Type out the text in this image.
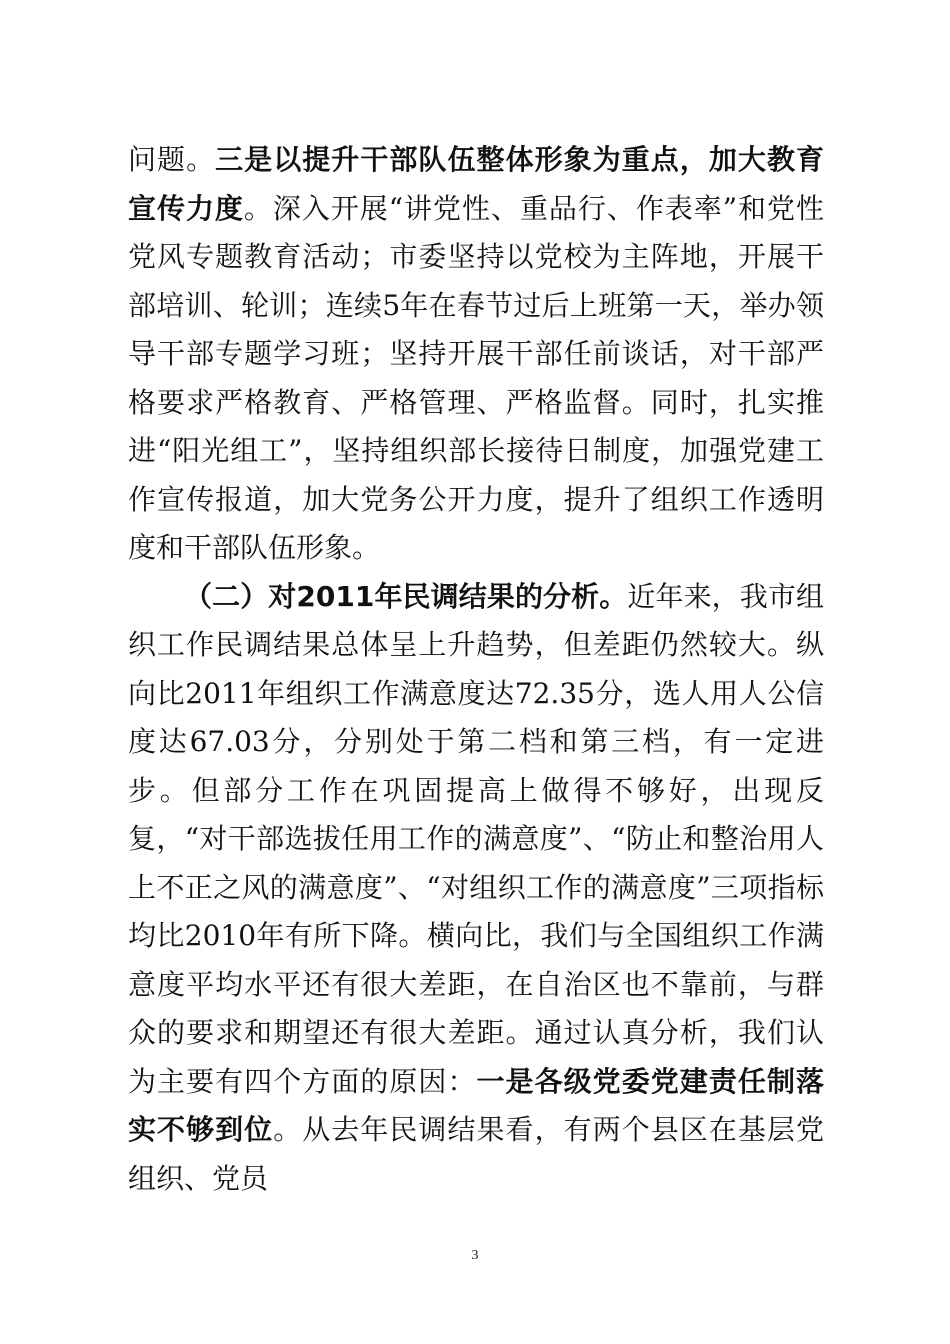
问题。三是以提升干部队伍整体形象为重点，加大教育宣传力度。深入开展“讲党性、重品行、作表率”和党性党风专题教育活动；市委坚持以党校为主阵地，开展干部培训、轮训；连续5年在春节过后上班第一天，举办领导干部专题学习班；坚持开展干部任前谈话，对干部严格要求严格教育、严格管理、严格监督。同时，扎实推进“阳光组工”，坚持组织部长接待日制度，加强党建工作宣传报道，加大党务公开力度，提升了组织工作透明度和干部队伍形象。

（二）对2011年民调结果的分析。近年来，我市组织工作民调结果总体呈上升趋势，但差距仍然较大。纵向比2011年组织工作满意度达72.35分，选人用人公信度达67.03分，分别处于第二档和第三档，有一定进步。但部分工作在巩固提高上做得不够好，出现反复，“对干部选拔任用工作的满意度”、“防止和整治用人上不正之风的满意度”、“对组织工作的满意度”三项指标均比2010年有所下降。横向比，我们与全国组织工作满意度平均水平还有很大差距，在自治区也不靠前，与群众的要求和期望还有很大差距。通过认真分析，我们认为主要有四个方面的原因：一是各级党委党建责任制落实不够到位。从去年民调结果看，有两个县区在基层党组织、党员

3
